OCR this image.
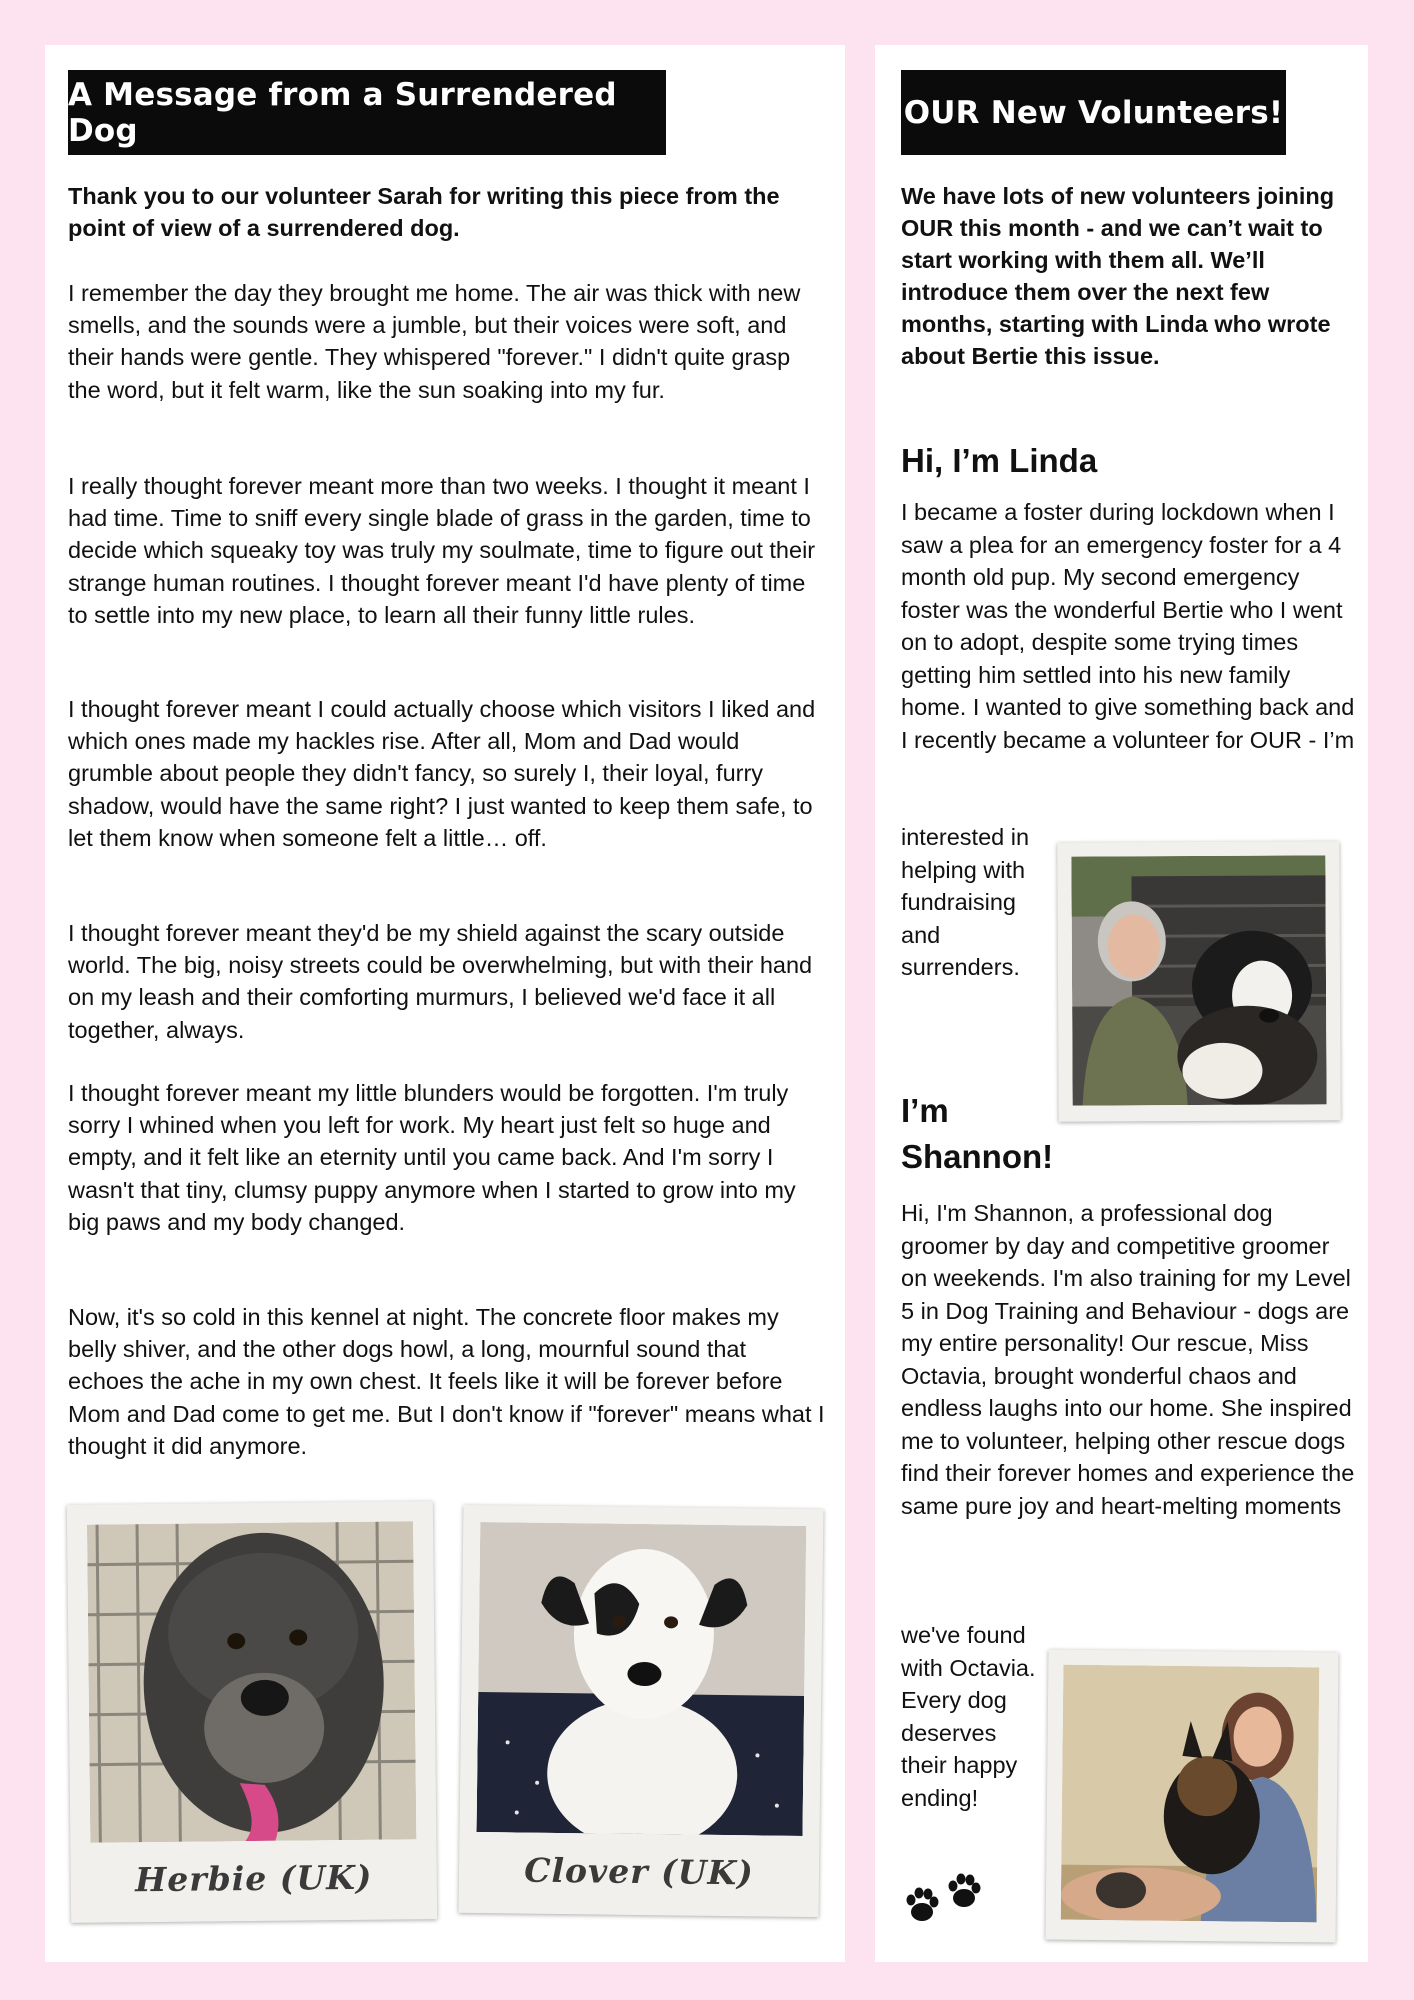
A Message from a Surrendered Dog

Thank you to our volunteer Sarah for writing this piece from the point of view of a surrendered dog.

I remember the day they brought me home. The air was thick with new smells, and the sounds were a jumble, but their voices were soft, and their hands were gentle. They whispered "forever." I didn't quite grasp the word, but it felt warm, like the sun soaking into my fur.

I really thought forever meant more than two weeks. I thought it meant I had time. Time to sniff every single blade of grass in the garden, time to decide which squeaky toy was truly my soulmate, time to figure out their strange human routines. I thought forever meant I'd have plenty of time to settle into my new place, to learn all their funny little rules.

I thought forever meant I could actually choose which visitors I liked and which ones made my hackles rise. After all, Mom and Dad would grumble about people they didn't fancy, so surely I, their loyal, furry shadow, would have the same right? I just wanted to keep them safe, to let them know when someone felt a little… off.

I thought forever meant they'd be my shield against the scary outside world. The big, noisy streets could be overwhelming, but with their hand on my leash and their comforting murmurs, I believed we'd face it all together, always.

I thought forever meant my little blunders would be forgotten. I'm truly sorry I whined when you left for work. My heart just felt so huge and empty, and it felt like an eternity until you came back. And I'm sorry I wasn't that tiny, clumsy puppy anymore when I started to grow into my big paws and my body changed.

Now, it's so cold in this kennel at night. The concrete floor makes my belly shiver, and the other dogs howl, a long, mournful sound that echoes the ache in my own chest. It feels like it will be forever before Mom and Dad come to get me. But I don't know if "forever" means what I thought it did anymore.

Herbie (UK)	Clover (UK)
OUR New Volunteers!

We have lots of new volunteers joining OUR this month - and we can’t wait to start working with them all. We’ll introduce them over the next few months, starting with Linda who wrote about Bertie this issue.

Hi, I’m Linda

I became a foster during lockdown when I saw a plea for an emergency foster for a 4 month old pup. My second emergency foster was the wonderful Bertie who I went on to adopt, despite some trying times getting him settled into his new family home. I wanted to give something back and I recently became a volunteer for OUR - I’m

interested in helping with fundraising and surrenders.

I’m Shannon!

Hi, I'm Shannon, a professional dog groomer by day and competitive groomer on weekends. I'm also training for my Level 5 in Dog Training and Behaviour - dogs are my entire personality! Our rescue, Miss Octavia, brought wonderful chaos and endless laughs into our home. She inspired me to volunteer, helping other rescue dogs find their forever homes and experience the same pure joy and heart-melting moments

we've found with Octavia. Every dog deserves their happy ending!
